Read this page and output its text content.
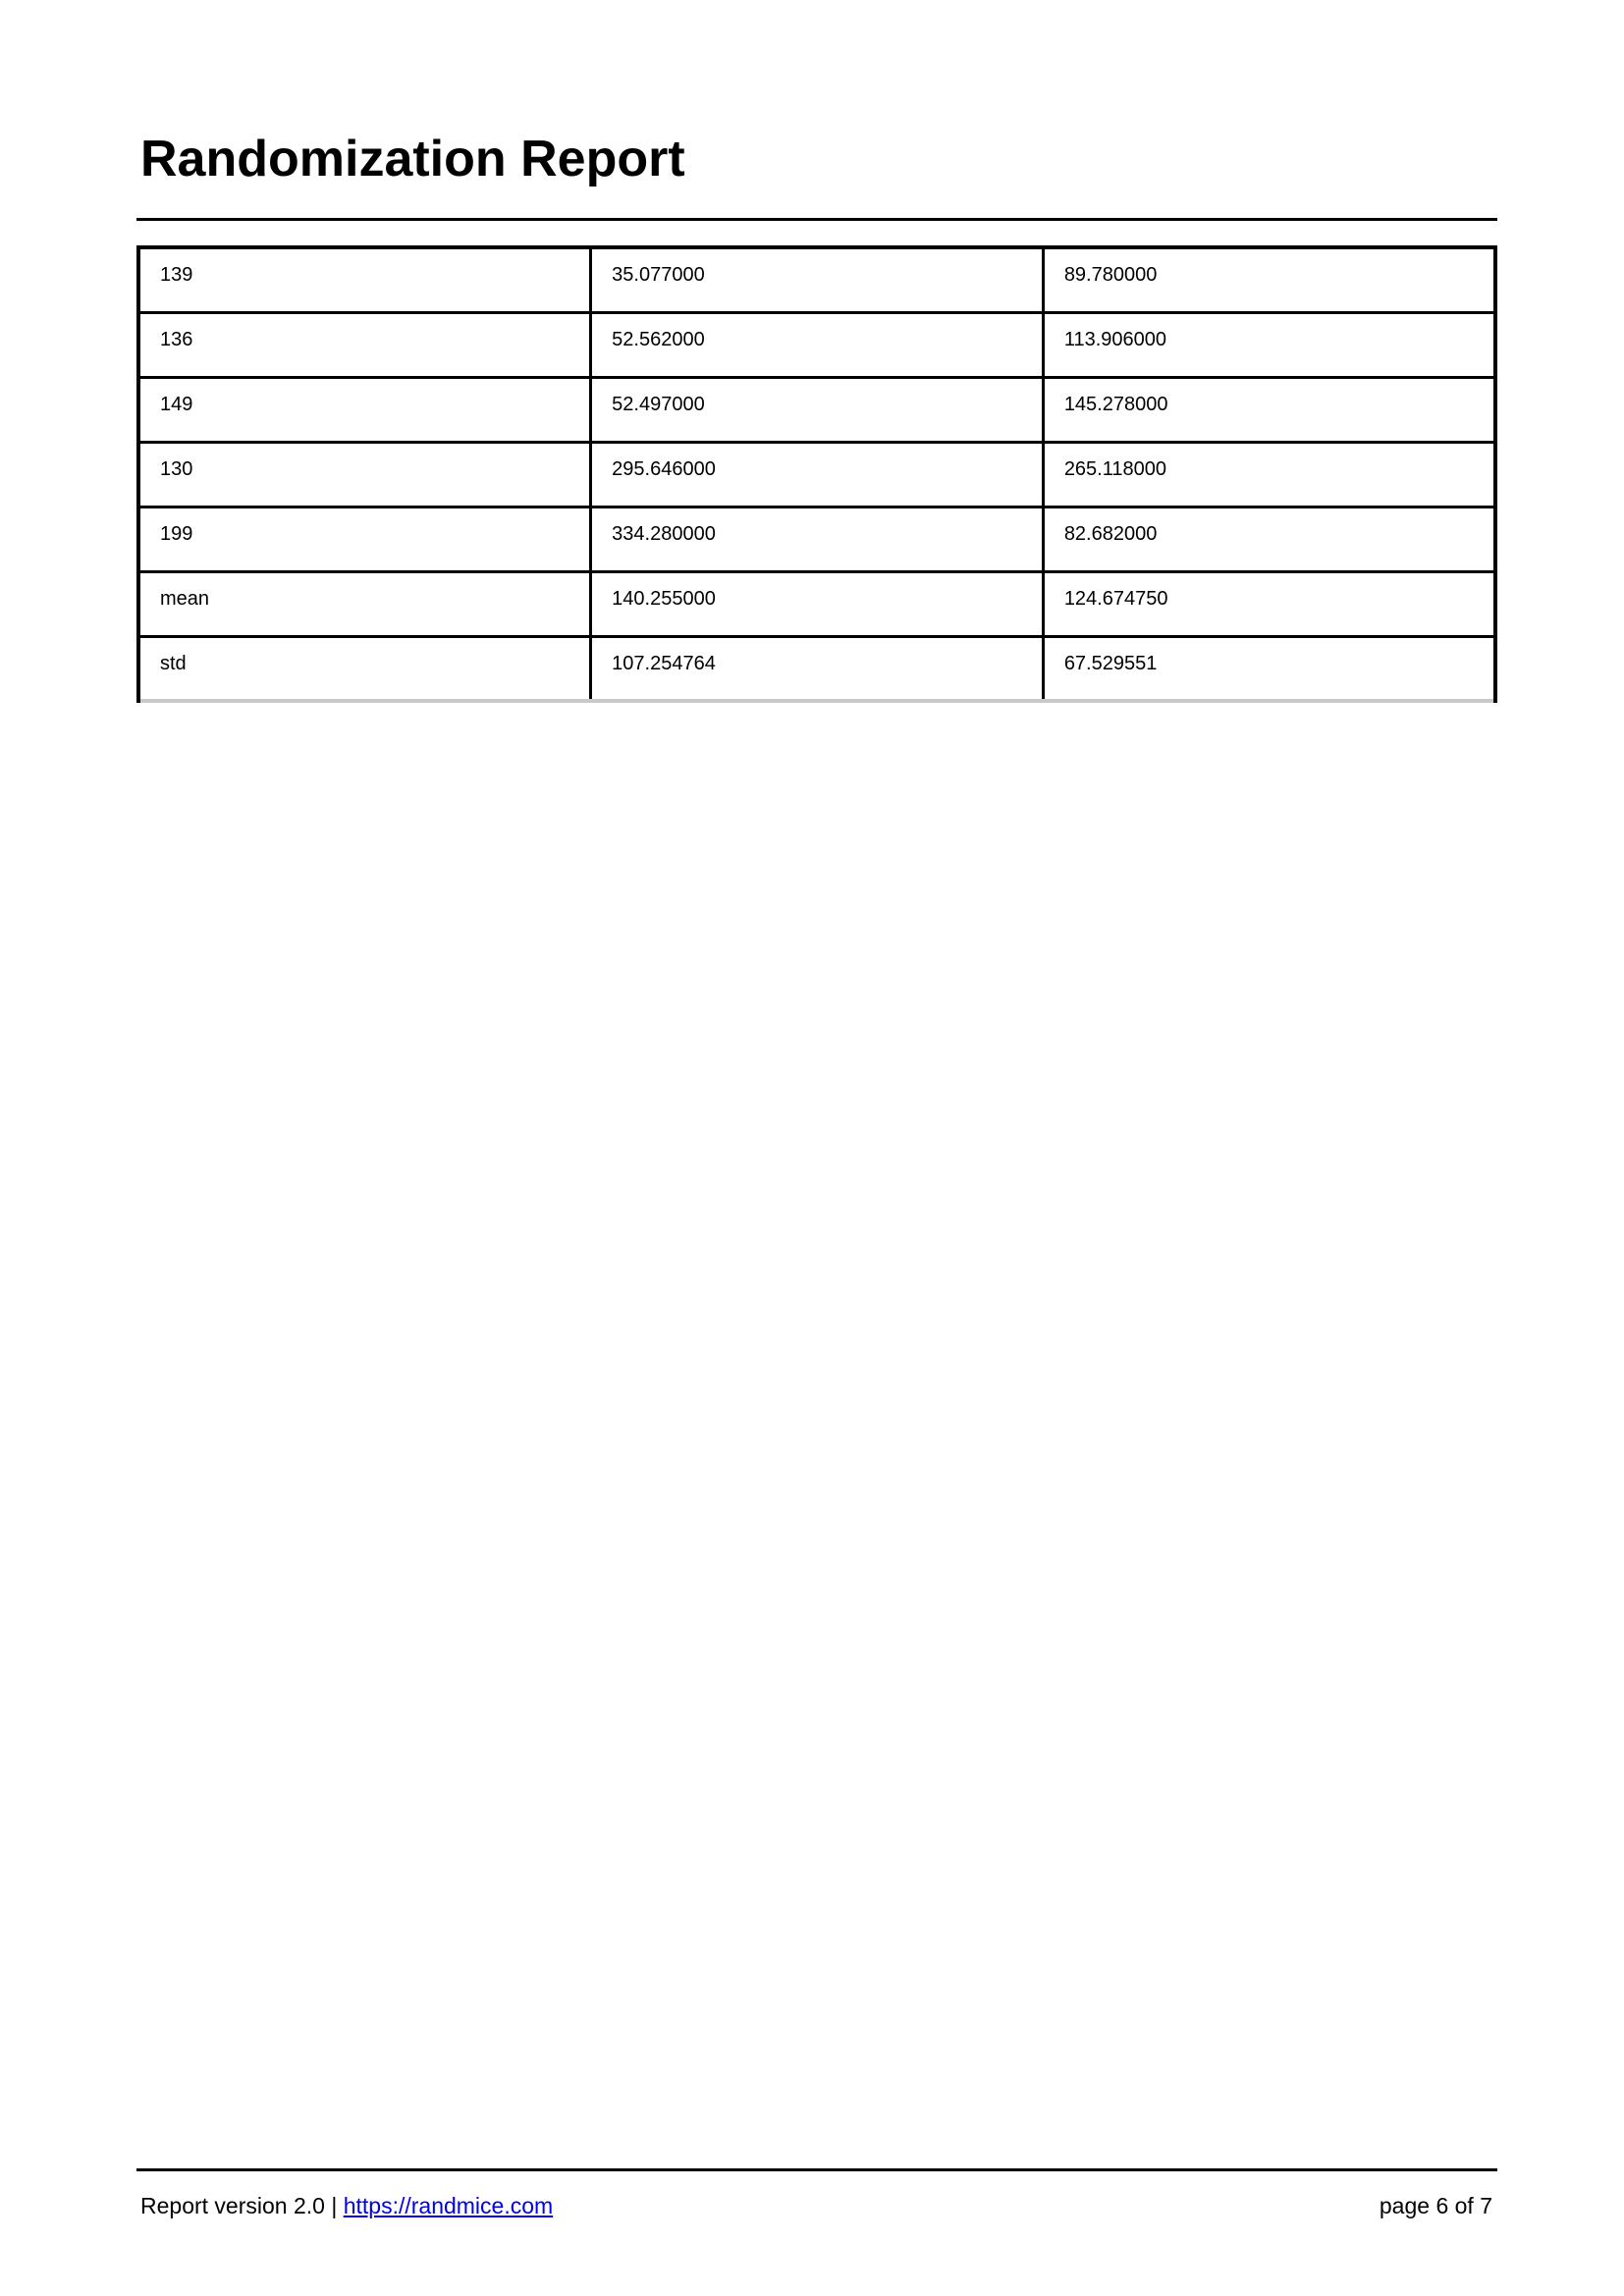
Randomization Report
139	35.077000	89.780000
136	52.562000	113.906000
149	52.497000	145.278000
130	295.646000	265.118000
199	334.280000	82.682000
mean	140.255000	124.674750
std	107.254764	67.529551
Report version 2.0 | https://randmice.com	page 6 of 7
